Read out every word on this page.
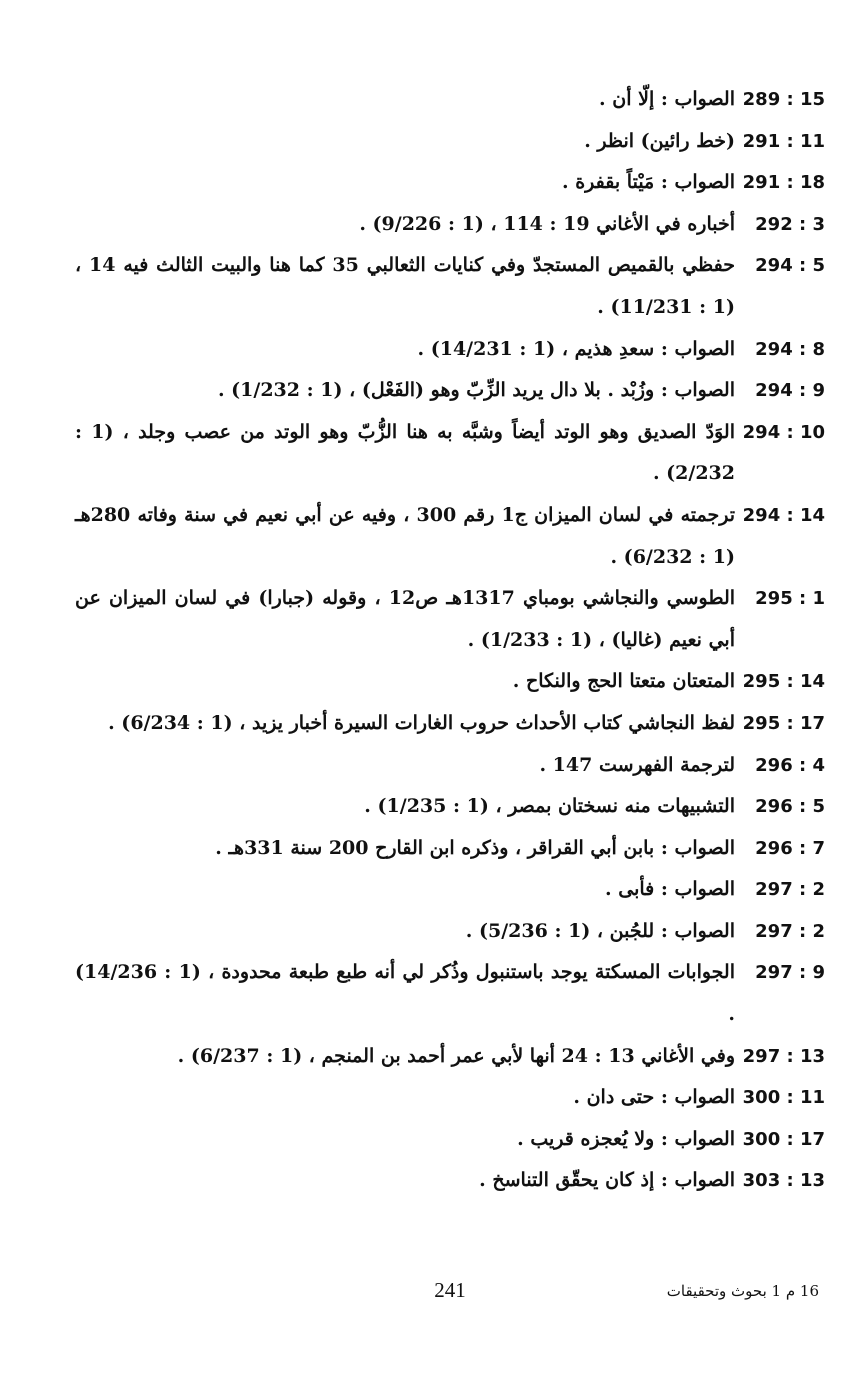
289 : 15
الصواب : إلّا أن .
291 : 11
(خط رائين) انظر .
291 : 18
الصواب : مَيْتاً بقفرة .
292 : 3
أخباره في الأغاني 19 : 114 ، (1 : 9/226) .
294 : 5
حفظي بالقميص المستجدّ وفي كنايات الثعالبي 35 كما هنا والبيت الثالث فيه 14 ، (1 : 11/231) .
294 : 8
الصواب : سعدِ هذيم ، (1 : 14/231) .
294 : 9
الصواب : وزُبْد . بلا دال يريد الزِّبّ وهو (الفَعْل) ، (1 : 1/232) .
294 : 10
الوَدّ الصديق وهو الوتد أيضاً وشبَّه به هنا الزُّبّ وهو الوتد من عصب وجلد ، (1 : 2/232) .
294 : 14
ترجمته في لسان الميزان ج1 رقم 300 ، وفيه عن أبي نعيم في سنة وفاته 280هـ (1 : 6/232) .
295 : 1
الطوسي والنجاشي بومباي 1317هـ ص12 ، وقوله (جبارا) في لسان الميزان عن أبي نعيم (غاليا) ، (1 : 1/233) .
295 : 14
المتعتان متعتا الحج والنكاح .
295 : 17
لفظ النجاشي كتاب الأحداث حروب الغارات السيرة أخبار يزيد ، (1 : 6/234) .
296 : 4
لترجمة الفهرست 147 .
296 : 5
التشبيهات منه نسختان بمصر ، (1 : 1/235) .
296 : 7
الصواب : بابن أبي القراقر ، وذكره ابن القارح 200 سنة 331هـ .
297 : 2
الصواب : فأبى .
297 : 2
الصواب : للجُبن ، (1 : 5/236) .
297 : 9
الجوابات المسكتة يوجد باستنبول وذُكر لي أنه طبع طبعة محدودة ، (1 : 14/236) .
297 : 13
وفي الأغاني 13 : 24 أنها لأبي عمر أحمد بن المنجم ، (1 : 6/237) .
300 : 11
الصواب : حتى دان .
300 : 17
الصواب : ولا يُعجزه قريب .
303 : 13
الصواب : إذ كان يحقّق التناسخ .
241	16 م 1 بحوث وتحقيقات
